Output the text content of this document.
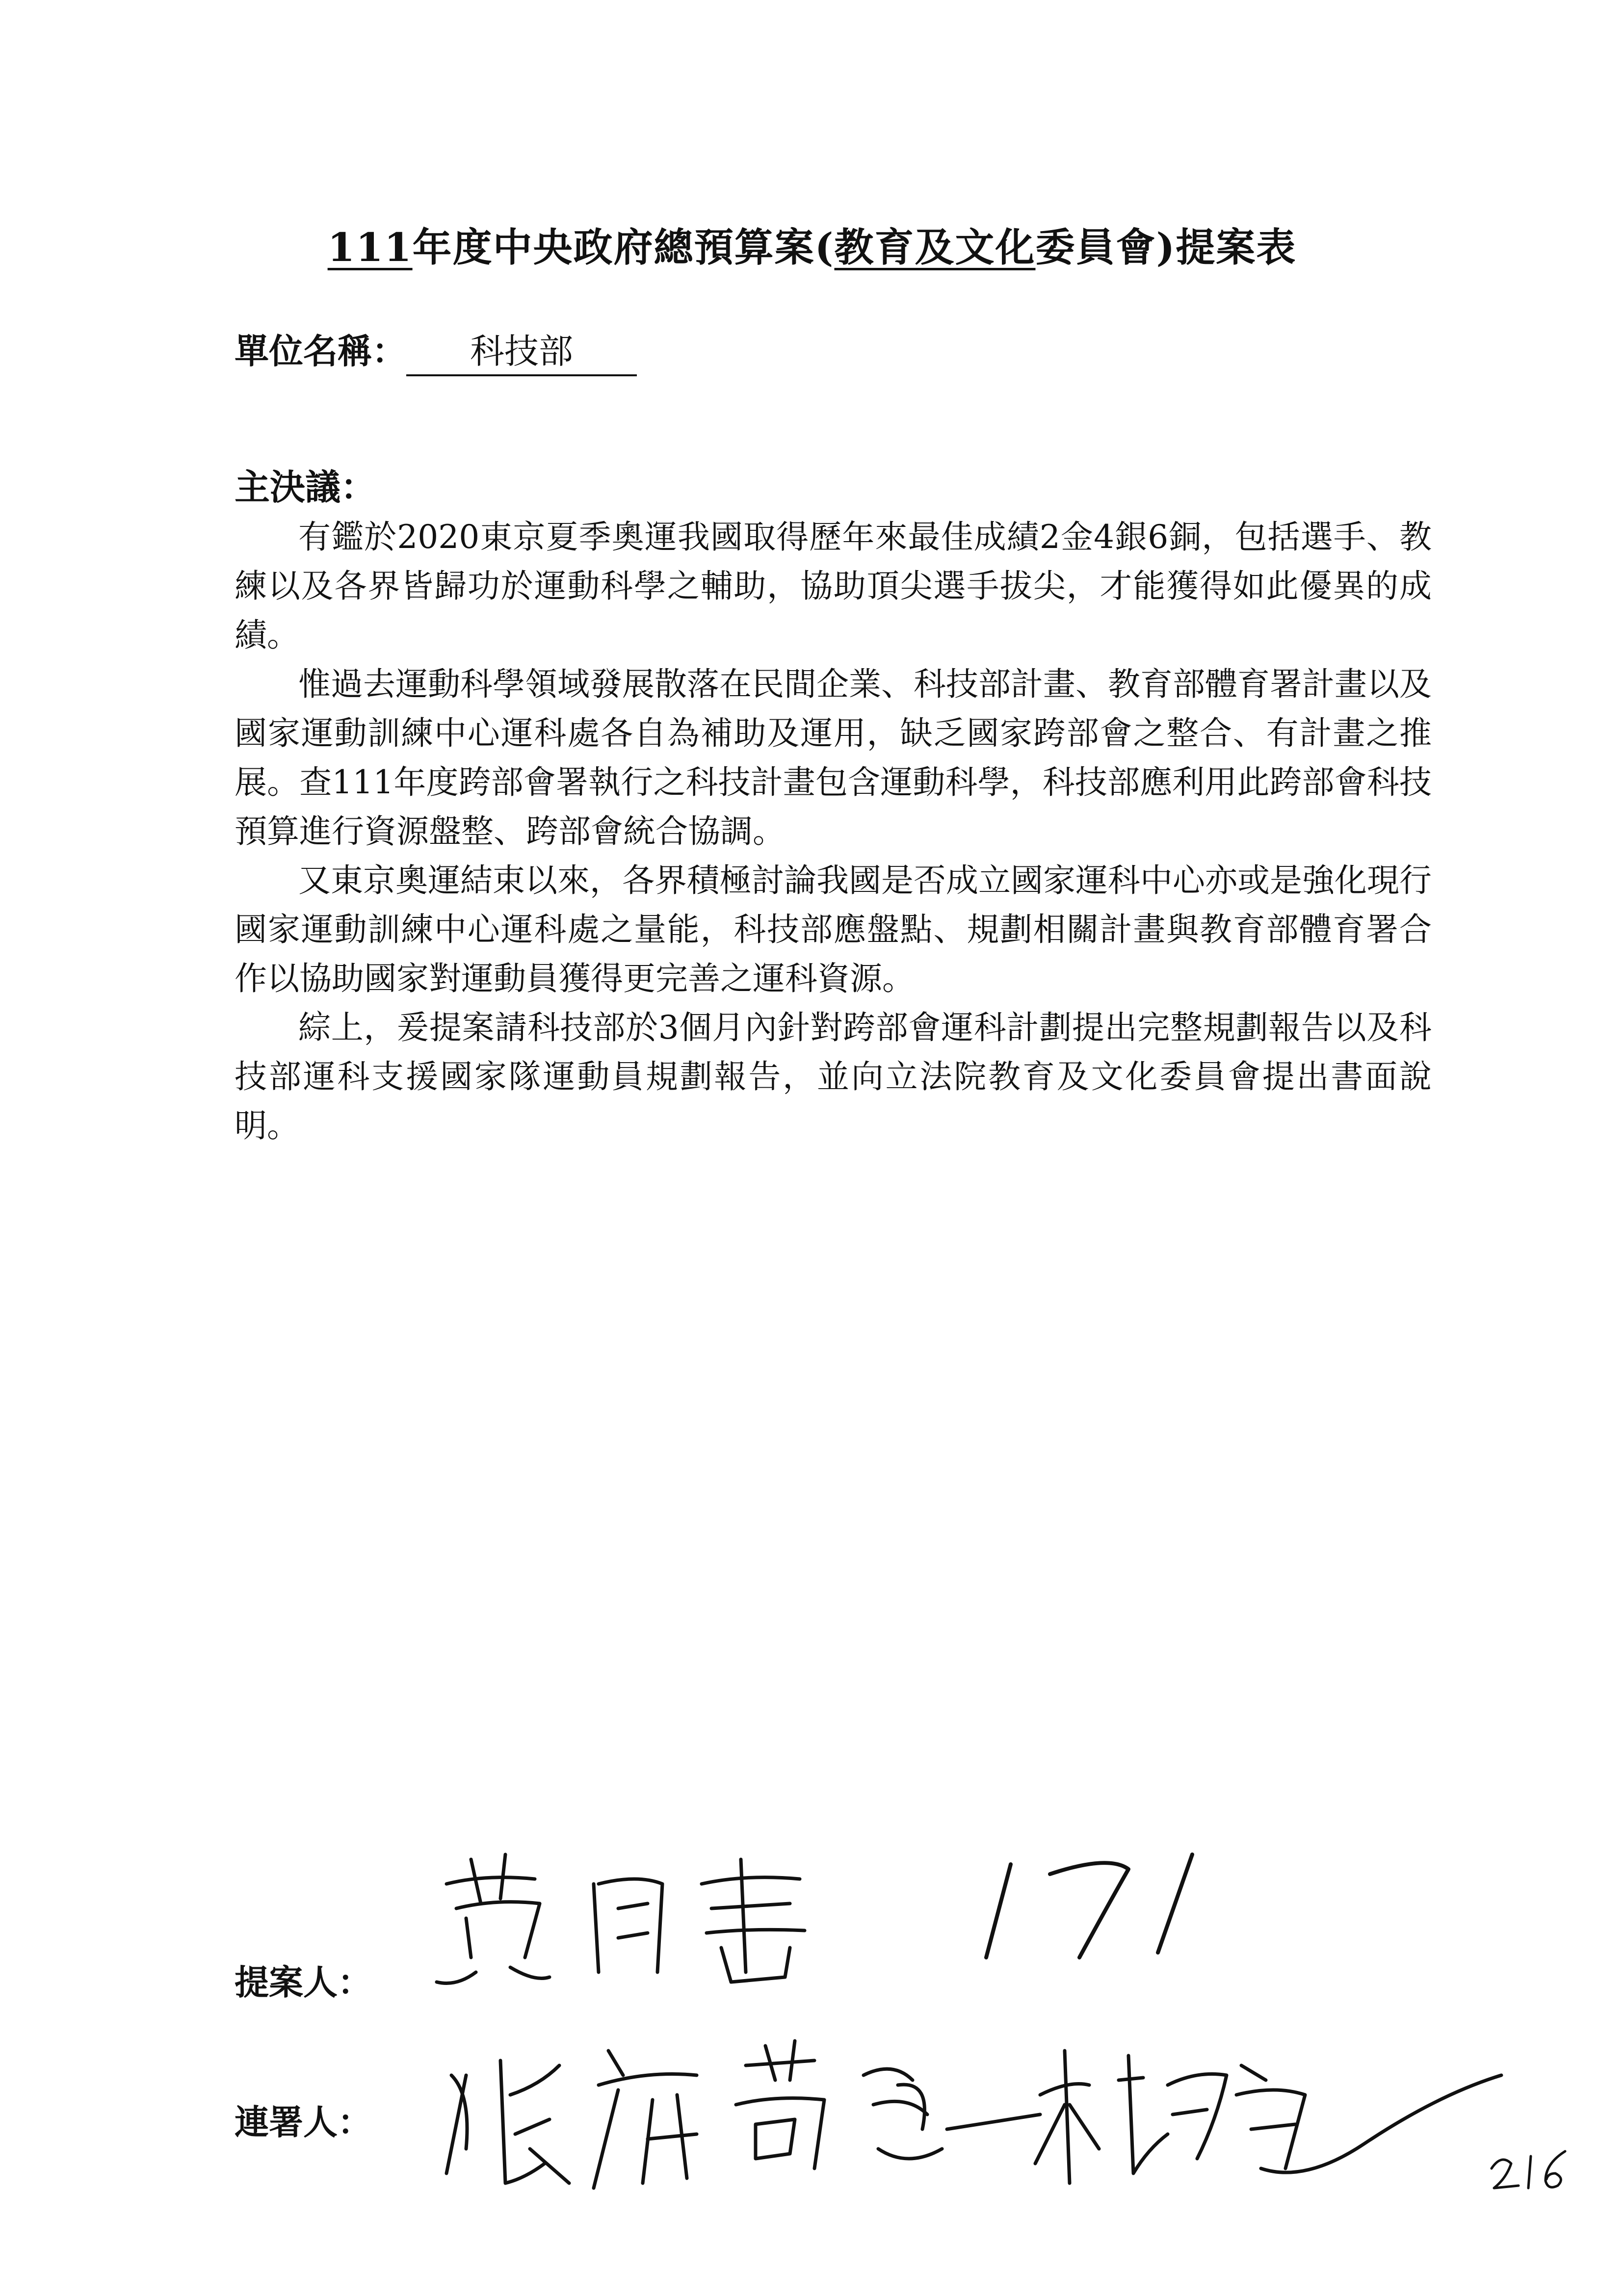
111年度中央政府總預算案(教育及文化委員會)提案表
單位名稱： 科技部
主決議：

有鑑於2020東京夏季奧運我國取得歷年來最佳成績2金4銀6銅，包括選手、教練以及各界皆歸功於運動科學之輔助，協助頂尖選手拔尖，才能獲得如此優異的成績。

惟過去運動科學領域發展散落在民間企業、科技部計畫、教育部體育署計畫以及國家運動訓練中心運科處各自為補助及運用，缺乏國家跨部會之整合、有計畫之推展。查111年度跨部會署執行之科技計畫包含運動科學，科技部應利用此跨部會科技預算進行資源盤整、跨部會統合協調。

又東京奧運結束以來，各界積極討論我國是否成立國家運科中心亦或是強化現行國家運動訓練中心運科處之量能，科技部應盤點、規劃相關計畫與教育部體育署合作以協助國家對運動員獲得更完善之運科資源。

綜上，爰提案請科技部於3個月內針對跨部會運科計劃提出完整規劃報告以及科技部運科支援國家隊運動員規劃報告，並向立法院教育及文化委員會提出書面說明。

提案人：
連署人：
